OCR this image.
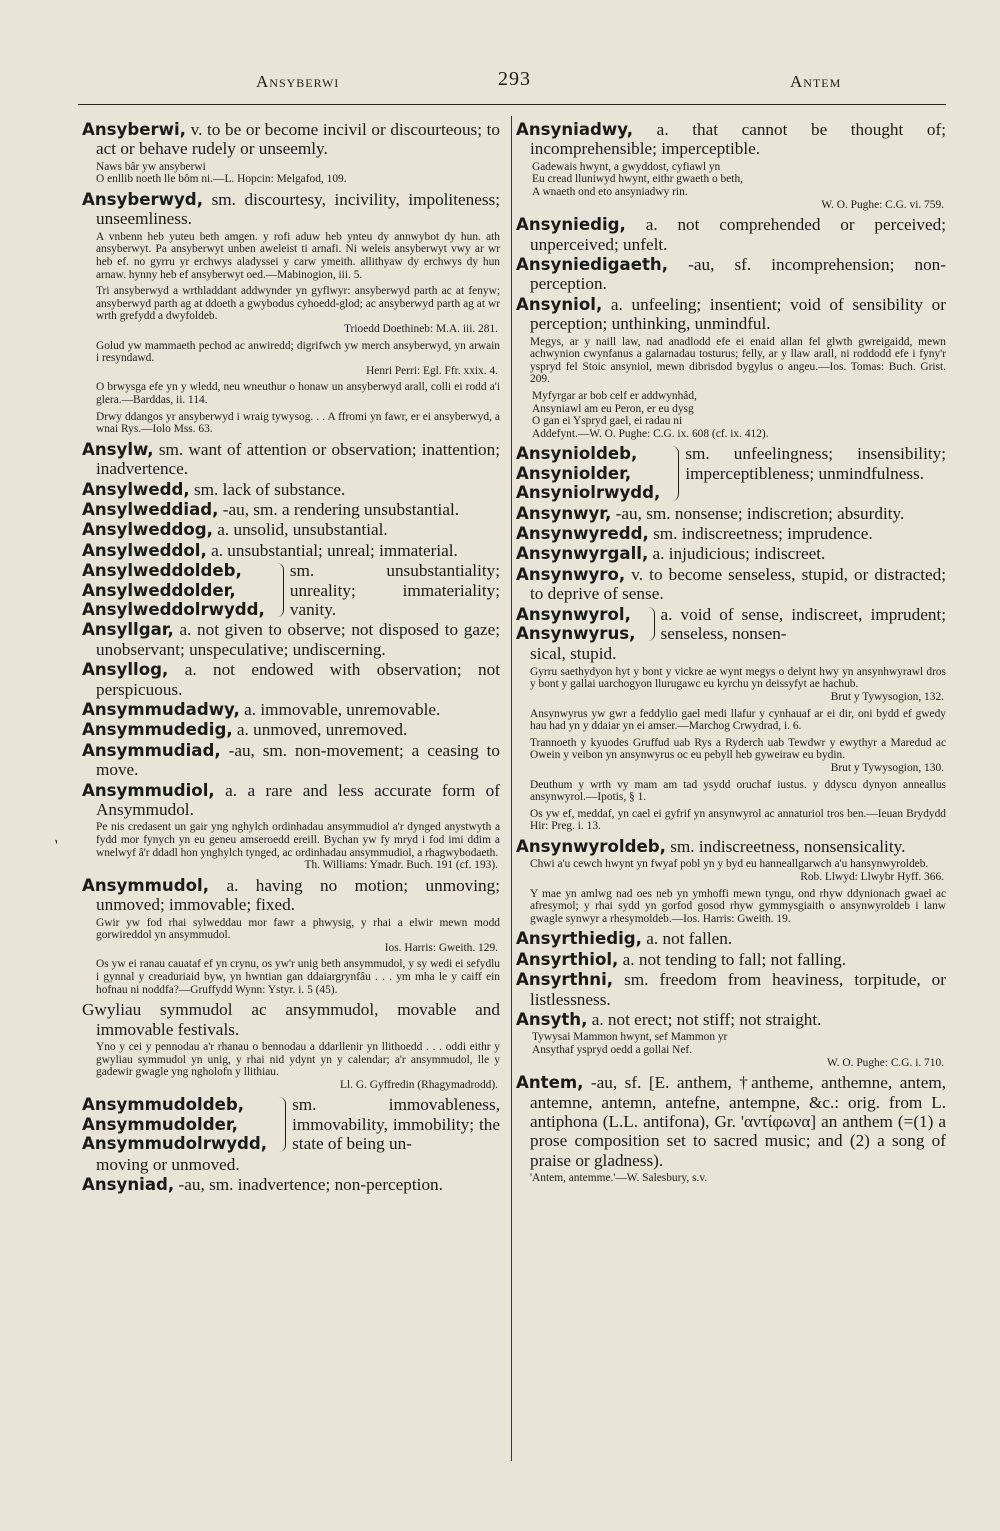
Ansyberwi	293	Antem
`
Ansyberwi, v. to be or become incivil or discourteous; to act or behave rudely or unseemly.
Naws bâr yw ansyberwi
O enllib noeth lle bôm ni.—L. Hopcin: Melgafod, 109.
Ansyberwyd, sm. discourtesy, incivility, impoliteness; unseemliness.
A vnbenn heb yuteu beth amgen. y rofi aduw heb ynteu dy annwybot dy hun. ath ansyberwyt. Pa ansyberwyt unben aweleist ti arnafi. Ni weleis ansyberwyt vwy ar wr heb ef. no gyrru yr erchwys aladyssei y carw ymeith. allithyaw dy erchwys dy hun arnaw. hynny heb ef ansyberwyt oed.—Mabinogion, iii. 5.
Tri ansyberwyd a wrthladdant addwynder yn gyflwyr: ansyberwyd parth ac at fenyw; ansyberwyd parth ag at ddoeth a gwybodus cyhoedd-glod; ac ansyberwyd parth ag at wr wrth grefydd a dwyfoldeb.
Trioedd Doethineb: M.A. iii. 281.
Golud yw mammaeth pechod ac anwiredd; digrifwch yw merch ansyberwyd, yn arwain i resyndawd.
Henri Perri: Egl. Ffr. xxix. 4.
O brwysga efe yn y wledd, neu wneuthur o honaw un ansyberwyd arall, colli ei rodd a'i glera.—Barddas, ii. 114.
Drwy ddangos yr ansyberwyd i wraig tywysog. . . A ffromi yn fawr, er ei ansyberwyd, a wnai Rys.—Iolo Mss. 63.
Ansylw, sm. want of attention or observation; inattention; inadvertence.
Ansylwedd, sm. lack of substance.
Ansylweddiad, -au, sm. a rendering unsubstantial.
Ansylweddog, a. unsolid, unsubstantial.
Ansylweddol, a. unsubstantial; unreal; immaterial.
Ansylweddoldeb,
Ansylweddolder,
Ansylweddolrwydd,
sm. unsubstantiality; unreality; immateriality; vanity.
Ansyllgar, a. not given to observe; not disposed to gaze; unobservant; unspeculative; undiscerning.
Ansyllog, a. not endowed with observation; not perspicuous.
Ansymmudadwy, a. immovable, unremovable.
Ansymmudedig, a. unmoved, unremoved.
Ansymmudiad, -au, sm. non-movement; a ceasing to move.
Ansymmudiol, a. a rare and less accurate form of Ansymmudol.
Pe nis credasent un gair yng nghylch ordinhadau ansymmudiol a'r dynged anystwyth a fydd mor fynych yn eu geneu amseroedd ereill. Bychan yw fy mryd i fod imi ddim a wnelwyf â'r ddadl hon ynghylch tynged, ac ordinhadau ansymmudiol, a rhagwybodaeth.
Th. Williams: Ymadr. Buch. 191 (cf. 193).
Ansymmudol, a. having no motion; unmoving; unmoved; immovable; fixed.
Gwir yw fod rhai sylweddau mor fawr a phwysig, y rhai a elwir mewn modd gorwireddol yn ansymmudol.
Ios. Harris: Gweith. 129.
Os yw ei ranau cauataf ef yn crynu, os yw'r unig beth ansymmudol, y sy wedi ei sefydlu i gynnal y creaduriaid byw, yn hwntian gan ddaiargrynfâu . . . ym mha le y caiff ein hofnau ni noddfa?—Gruffydd Wynn: Ystyr. i. 5 (45).
Gwyliau symmudol ac ansymmudol, movable and immovable festivals.
Yno y cei y pennodau a'r rhanau o bennodau a ddarllenir yn llithoedd . . . oddi eithr y gwyliau symmudol yn unig, y rhai nid ydynt yn y calendar; a'r ansymmudol, lle y gadewir gwagle yng ngholofn y llithiau.
Ll. G. Gyffredin (Rhagymadrodd).
Ansymmudoldeb,
Ansymmudolder,
Ansymmudolrwydd,
sm. immovableness, immovability, immobility; the state of being un-
moving or unmoved.
Ansyniad, -au, sm. inadvertence; non-perception.
Ansyniadwy, a. that cannot be thought of; incomprehensible; imperceptible.
Gadewais hwynt, a gwyddost, cyfiawl yn
Eu cread lluniwyd hwynt, eithr gwaeth o beth,
A wnaeth ond eto ansyniadwy rin.
W. O. Pughe: C.G. vi. 759.
Ansyniedig, a. not comprehended or perceived; unperceived; unfelt.
Ansyniedigaeth, -au, sf. incomprehension; non-perception.
Ansyniol, a. unfeeling; insentient; void of sensibility or perception; unthinking, unmindful.
Megys, ar y naill law, nad anadlodd efe ei enaid allan fel glwth gwreigaidd, mewn achwynion cwynfanus a galarnadau tosturus; felly, ar y llaw arall, ni roddodd efe i fyny'r yspryd fel Stoic ansyniol, mewn dibrisdod bygylus o angeu.—Ios. Tomas: Buch. Grist. 209.
Myfyrgar ar bob celf er addwynhâd,
Ansyniawl am eu Peron, er eu dysg
O gan ei Yspryd gael, ei radau ni
Addefynt.—W. O. Pughe: C.G. ix. 608 (cf. ix. 412).
Ansynioldeb,
Ansyniolder,
Ansyniolrwydd,
sm. unfeelingness; insensibility; imperceptibleness; unmindfulness.
Ansynwyr, -au, sm. nonsense; indiscretion; absurdity.
Ansynwyredd, sm. indiscreetness; imprudence.
Ansynwyrgall, a. injudicious; indiscreet.
Ansynwyro, v. to become senseless, stupid, or distracted; to deprive of sense.
Ansynwyrol,
Ansynwyrus,
a. void of sense, indiscreet, imprudent; senseless, nonsen-
sical, stupid.
Gyrru saethydyon hyt y bont y vickre ae wynt megys o delynt hwy yn ansynhwyrawl dros y bont y gallai uarchogyon llurugawc eu kyrchu yn deissyfyt ae hachub.
Brut y Tywysogion, 132.
Ansynwyrus yw gwr a feddylio gael medi llafur y cynhauaf ar ei dir, oni bydd ef gwedy hau had yn y ddaiar yn ei amser.—Marchog Crwydrad, i. 6.
Trannoeth y kyuodes Gruffud uab Rys a Ryderch uab Tewdwr y ewythyr a Maredud ac Owein y veibon yn ansynwyrus oc eu pebyll heb gyweiraw eu bydin.
Brut y Tywysogion, 130.
Deuthum y wrth vy mam am tad ysydd oruchaf iustus. y ddyscu dynyon anneallus ansynwyrol.—Ipotis, § 1.
Os yw ef, meddaf, yn cael ei gyfrif yn ansynwyrol ac annaturiol tros ben.—Ieuan Brydydd Hir: Preg. i. 13.
Ansynwyroldeb, sm. indiscreetness, nonsensicality.
Chwi a'u cewch hwynt yn fwyaf pobl yn y byd eu hanneallgarwch a'u hansynwyroldeb.
Rob. Llwyd: Llwybr Hyff. 366.
Y mae yn amlwg nad oes neb yn ymhoffi mewn tyngu, ond rhyw ddynionach gwael ac afresymol; y rhai sydd yn gorfod gosod rhyw gymmysgiaith o ansynwyroldeb i lanw gwagle synwyr a rhesymoldeb.—Ios. Harris: Gweith. 19.
Ansyrthiedig, a. not fallen.
Ansyrthiol, a. not tending to fall; not falling.
Ansyrthni, sm. freedom from heaviness, torpitude, or listlessness.
Ansyth, a. not erect; not stiff; not straight.
Tywysai Mammon hwynt, sef Mammon yr
Ansythaf yspryd oedd a gollai Nef.
W. O. Pughe: C.G. i. 710.
Antem, -au, sf. [E. anthem, †antheme, anthemne, antem, antemne, antemn, antefne, antempne, &c.: orig. from L. antiphona (L.L. antifona), Gr. 'αντίφωνα] an anthem (=(1) a prose composition set to sacred music; and (2) a song of praise or gladness).
'Antem, antemme.'—W. Salesbury, s.v.
